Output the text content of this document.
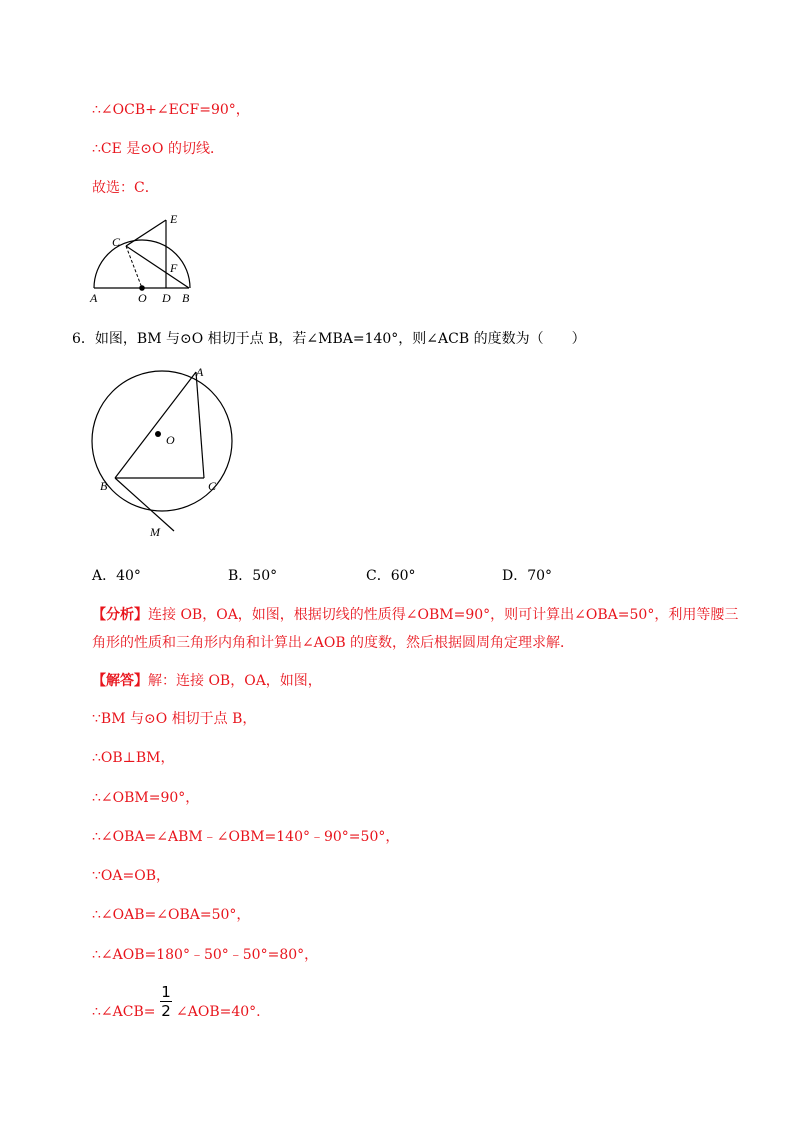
∴∠OCB+∠ECF=90°，
∴CE 是⊙O 的切线．
故选：C．
E
C
F
A	O D B
6．如图，BM 与⊙O 相切于点 B，若∠MBA=140°，则∠ACB 的度数为（　　）
A
O
B	C
M
A．40°	B．50°	C．60°	D．70°
【分析】连接 OB，OA，如图，根据切线的性质得∠OBM=90°，则可计算出∠OBA=50°，利用等腰三
角形的性质和三角形内角和计算出∠AOB 的度数，然后根据圆周角定理求解．
【解答】解：连接 OB，OA，如图，
∵BM 与⊙O 相切于点 B，
∴OB⊥BM，
∴∠OBM=90°，
∴∠OBA=∠ABM﹣∠OBM=140°﹣90°=50°，
∵OA=OB，
∴∠OAB=∠OBA=50°，
∴∠AOB=180°﹣50°﹣50°=80°，
∴∠ACB=
1
2 ∠AOB=40°.
